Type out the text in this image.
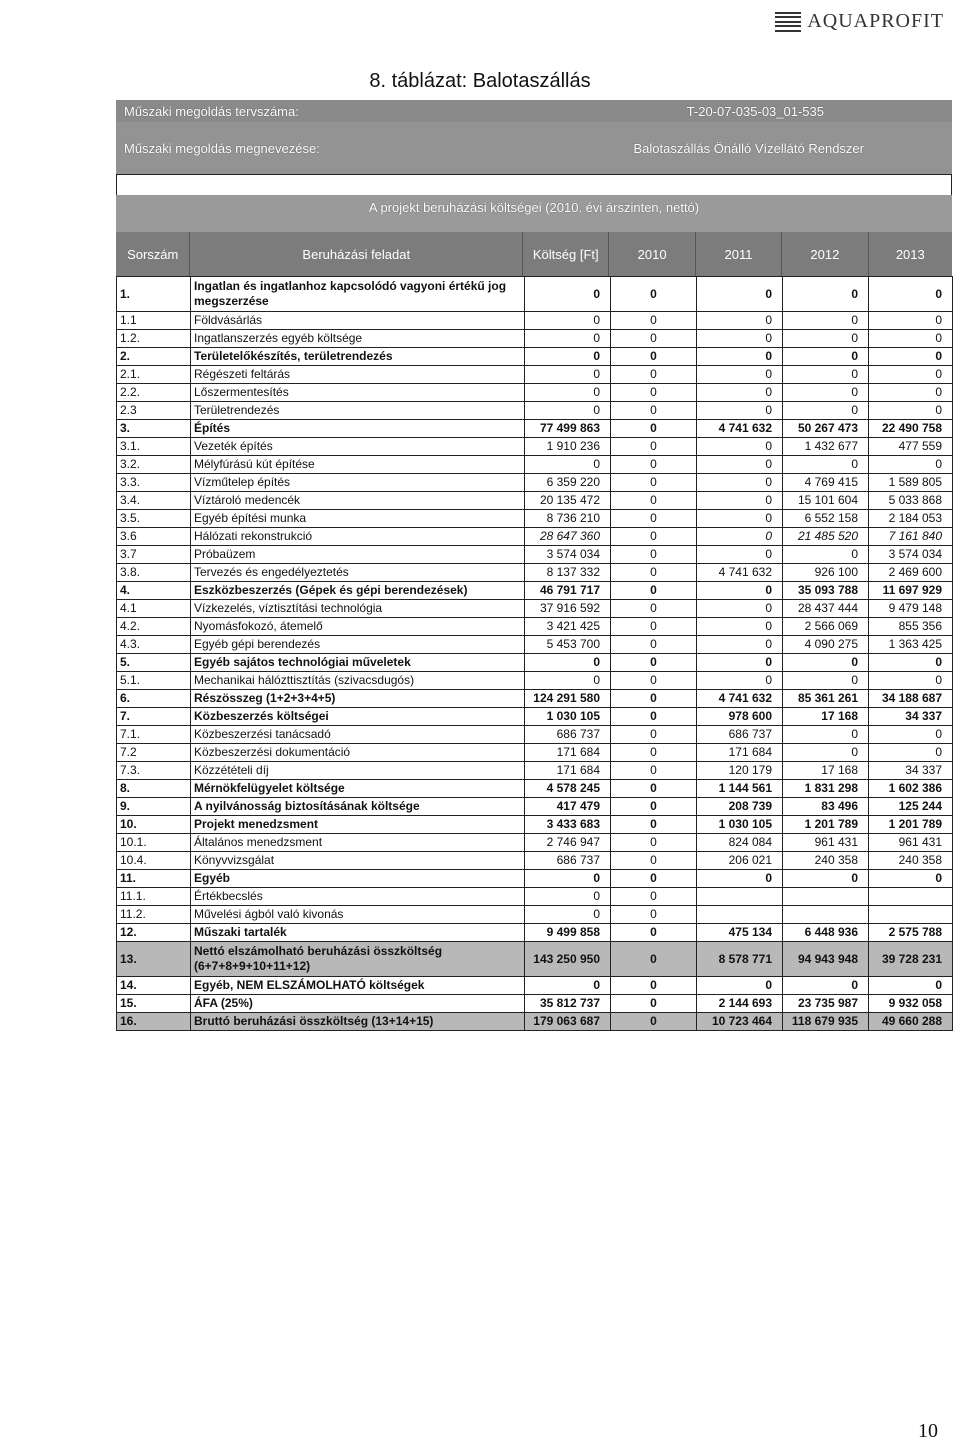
AQUAPROFIT
8. táblázat: Balotaszállás
Műszaki megoldás tervszáma:	T-20-07-035-03_01-535
Műszaki megoldás megnevezése:	Balotaszállás Önálló Vízellátó Rendszer
A projekt beruházási költségei (2010. évi árszinten, nettó)
Sorszám	Beruházási feladat	Költség [Ft]	2010	2011	2012	2013
1.	Ingatlan és ingatlanhoz kapcsolódó vagyoni értékű jog megszerzése	0	0	0	0	0
1.1	Földvásárlás	0	0	0	0	0
1.2.	Ingatlanszerzés egyéb költsége	0	0	0	0	0
2.	Területelőkészítés, területrendezés	0	0	0	0	0
2.1.	Régészeti feltárás	0	0	0	0	0
2.2.	Lőszermentesítés	0	0	0	0	0
2.3	Területrendezés	0	0	0	0	0
3.	Építés	77 499 863	0	4 741 632	50 267 473	22 490 758
3.1.	Vezeték építés	1 910 236	0	0	1 432 677	477 559
3.2.	Mélyfúrású kút építése	0	0	0	0	0
3.3.	Vízműtelep építés	6 359 220	0	0	4 769 415	1 589 805
3.4.	Víztároló medencék	20 135 472	0	0	15 101 604	5 033 868
3.5.	Egyéb építési munka	8 736 210	0	0	6 552 158	2 184 053
3.6	Hálózati rekonstrukció	28 647 360	0	0	21 485 520	7 161 840
3.7	Próbaüzem	3 574 034	0	0	0	3 574 034
3.8.	Tervezés és engedélyeztetés	8 137 332	0	4 741 632	926 100	2 469 600
4.	Eszközbeszerzés (Gépek és gépi berendezések)	46 791 717	0	0	35 093 788	11 697 929
4.1	Vízkezelés, víztisztítási technológia	37 916 592	0	0	28 437 444	9 479 148
4.2.	Nyomásfokozó, átemelő	3 421 425	0	0	2 566 069	855 356
4.3.	Egyéb gépi berendezés	5 453 700	0	0	4 090 275	1 363 425
5.	Egyéb sajátos technológiai műveletek	0	0	0	0	0
5.1.	Mechanikai hálózttisztítás (szivacsdugós)	0	0	0	0	0
6.	Részösszeg (1+2+3+4+5)	124 291 580	0	4 741 632	85 361 261	34 188 687
7.	Közbeszerzés költségei	1 030 105	0	978 600	17 168	34 337
7.1.	Közbeszerzési tanácsadó	686 737	0	686 737	0	0
7.2	Közbeszerzési dokumentáció	171 684	0	171 684	0	0
7.3.	Közzétételi díj	171 684	0	120 179	17 168	34 337
8.	Mérnökfelügyelet költsége	4 578 245	0	1 144 561	1 831 298	1 602 386
9.	A nyilvánosság biztosításának költsége	417 479	0	208 739	83 496	125 244
10.	Projekt menedzsment	3 433 683	0	1 030 105	1 201 789	1 201 789
10.1.	Általános menedzsment	2 746 947	0	824 084	961 431	961 431
10.4.	Könyvvizsgálat	686 737	0	206 021	240 358	240 358
11.	Egyéb	0	0	0	0	0
11.1.	Értékbecslés	0	0			
11.2.	Művelési ágból való kivonás	0	0			
12.	Műszaki tartalék	9 499 858	0	475 134	6 448 936	2 575 788
13.	Nettó elszámolható beruházási összköltség (6+7+8+9+10+11+12)	143 250 950	0	8 578 771	94 943 948	39 728 231
14.	Egyéb, NEM ELSZÁMOLHATÓ költségek	0	0	0	0	0
15.	ÁFA (25%)	35 812 737	0	2 144 693	23 735 987	9 932 058
16.	Bruttó beruházási összköltség (13+14+15)	179 063 687	0	10 723 464	118 679 935	49 660 288
10
